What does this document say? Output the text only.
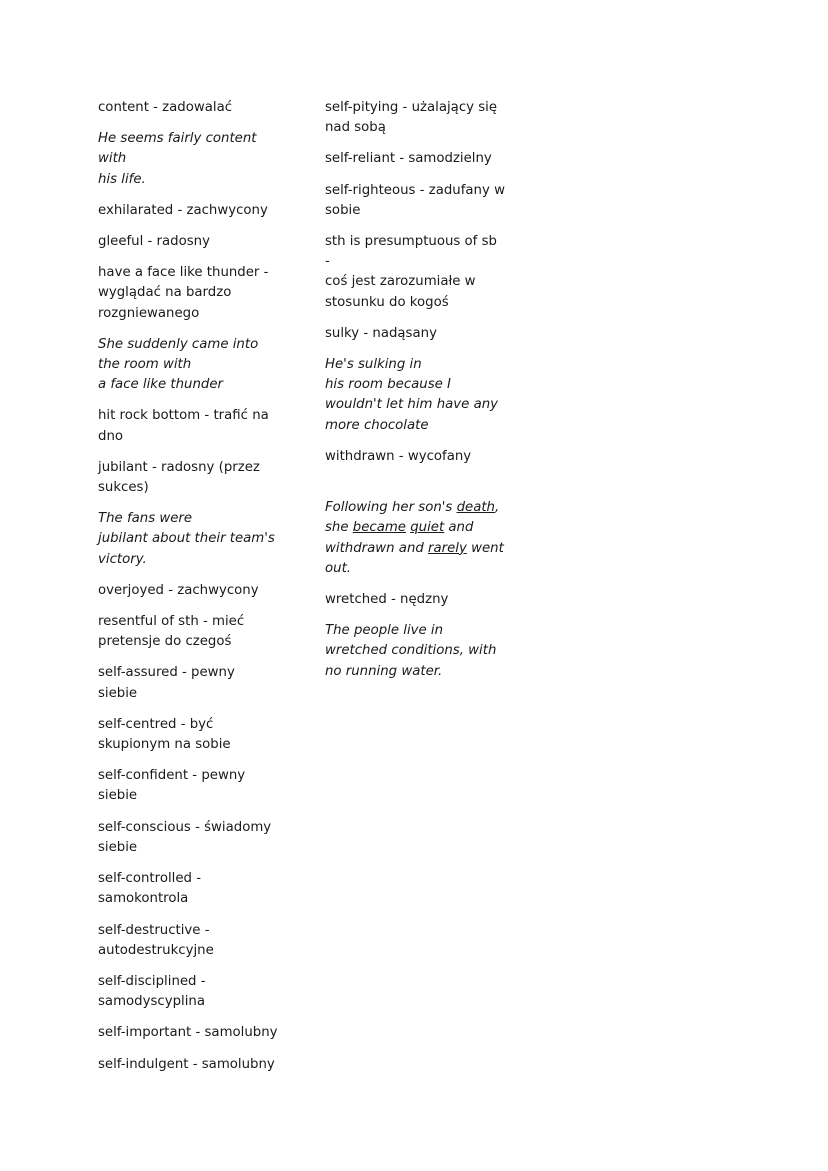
content - zadowalać

He seems fairly content with
his life.

exhilarated - zachwycony

gleeful - radosny

have a face like thunder -
wyglądać na bardzo
rozgniewanego

She suddenly came into
the room with
a face like thunder

hit rock bottom - trafić na
dno

jubilant - radosny (przez
sukces)

The fans were
jubilant about their team's
victory.

overjoyed - zachwycony

resentful of sth - mieć
pretensje do czegoś

self-assured - pewny siebie

self-centred - być
skupionym na sobie

self-confident - pewny
siebie

self-conscious - świadomy
siebie

self-controlled -
samokontrola

self-destructive -
autodestrukcyjne

self-disciplined -
samodyscyplina

self-important - samolubny

self-indulgent - samolubny

self-pitying - użalający się
nad sobą

self-reliant - samodzielny

self-righteous - zadufany w
sobie

sth is presumptuous of sb -
coś jest zarozumiałe w
stosunku do kogoś

sulky - nadąsany

He's sulking in
his room because I
wouldn't let him have any
more chocolate

withdrawn - wycofany

Following her son's death,
she became quiet and
withdrawn and rarely went
out.

wretched - nędzny

The people live in
wretched conditions, with
no running water.
